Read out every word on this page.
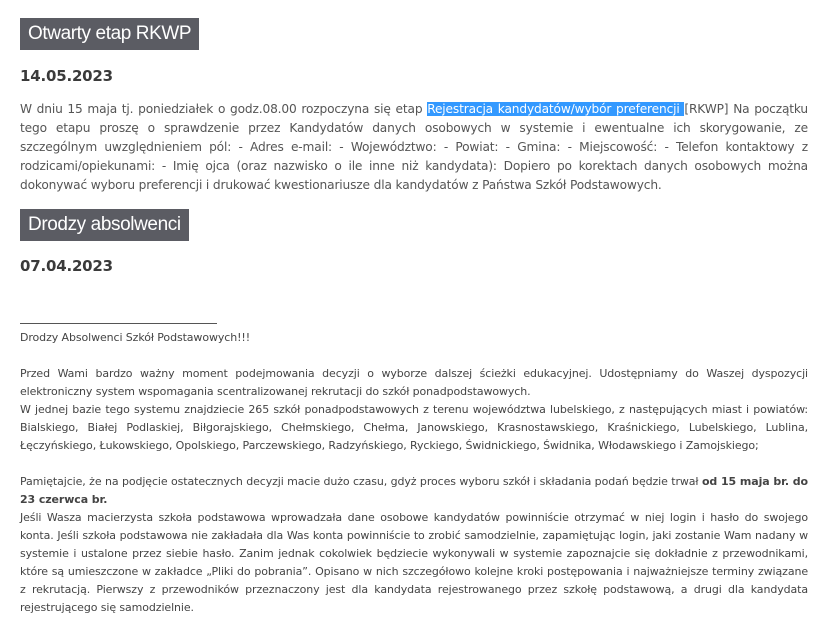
Otwarty etap RKWP
14.05.2023
W dniu 15 maja tj. poniedziałek o godz.08.00 rozpoczyna się etap Rejestracja kandydatów/wybór preferencji [RKWP] Na początku tego etapu proszę o sprawdzenie przez Kandydatów danych osobowych w systemie i ewentualne ich skorygowanie, ze szczególnym uwzględnieniem pól: - Adres e-mail: - Województwo: - Powiat: - Gmina: - Miejscowość: - Telefon kontaktowy z rodzicami/opiekunami: - Imię ojca (oraz nazwisko o ile inne niż kandydata): Dopiero po korektach danych osobowych można dokonywać wyboru preferencji i drukować kwestionariusze dla kandydatów z Państwa Szkół Podstawowych.
Drodzy absolwenci
07.04.2023

Drodzy Absolwenci Szkół Podstawowych!!!

Przed Wami bardzo ważny moment podejmowania decyzji o wyborze dalszej ścieżki edukacyjnej. Udostępniamy do Waszej dyspozycji elektroniczny system wspomagania scentralizowanej rekrutacji do szkół ponadpodstawowych.

W jednej bazie tego systemu znajdziecie 265 szkół ponadpodstawowych z terenu województwa lubelskiego, z następujących miast i powiatów: Bialskiego, Białej Podlaskiej, Biłgorajskiego, Chełmskiego, Chełma, Janowskiego, Krasnostawskiego, Kraśnickiego, Lubelskiego, Lublina, Łęczyńskiego, Łukowskiego, Opolskiego, Parczewskiego, Radzyńskiego, Ryckiego, Świdnickiego, Świdnika, Włodawskiego i Zamojskiego;

Pamiętajcie, że na podjęcie ostatecznych decyzji macie dużo czasu, gdyż proces wyboru szkół i składania podań będzie trwał od 15 maja br. do 23 czerwca br.

Jeśli Wasza macierzysta szkoła podstawowa wprowadzała dane osobowe kandydatów powinniście otrzymać w niej login i hasło do swojego konta. Jeśli szkoła podstawowa nie zakładała dla Was konta powinniście to zrobić samodzielnie, zapamiętując login, jaki zostanie Wam nadany w systemie i ustalone przez siebie hasło. Zanim jednak cokolwiek będziecie wykonywali w systemie zapoznajcie się dokładnie z przewodnikami, które są umieszczone w zakładce „Pliki do pobrania”. Opisano w nich szczegółowo kolejne kroki postępowania i najważniejsze terminy związane z rekrutacją. Pierwszy z przewodników przeznaczony jest dla kandydata rejestrowanego przez szkołę podstawową, a drugi dla kandydata rejestrującego się samodzielnie.
